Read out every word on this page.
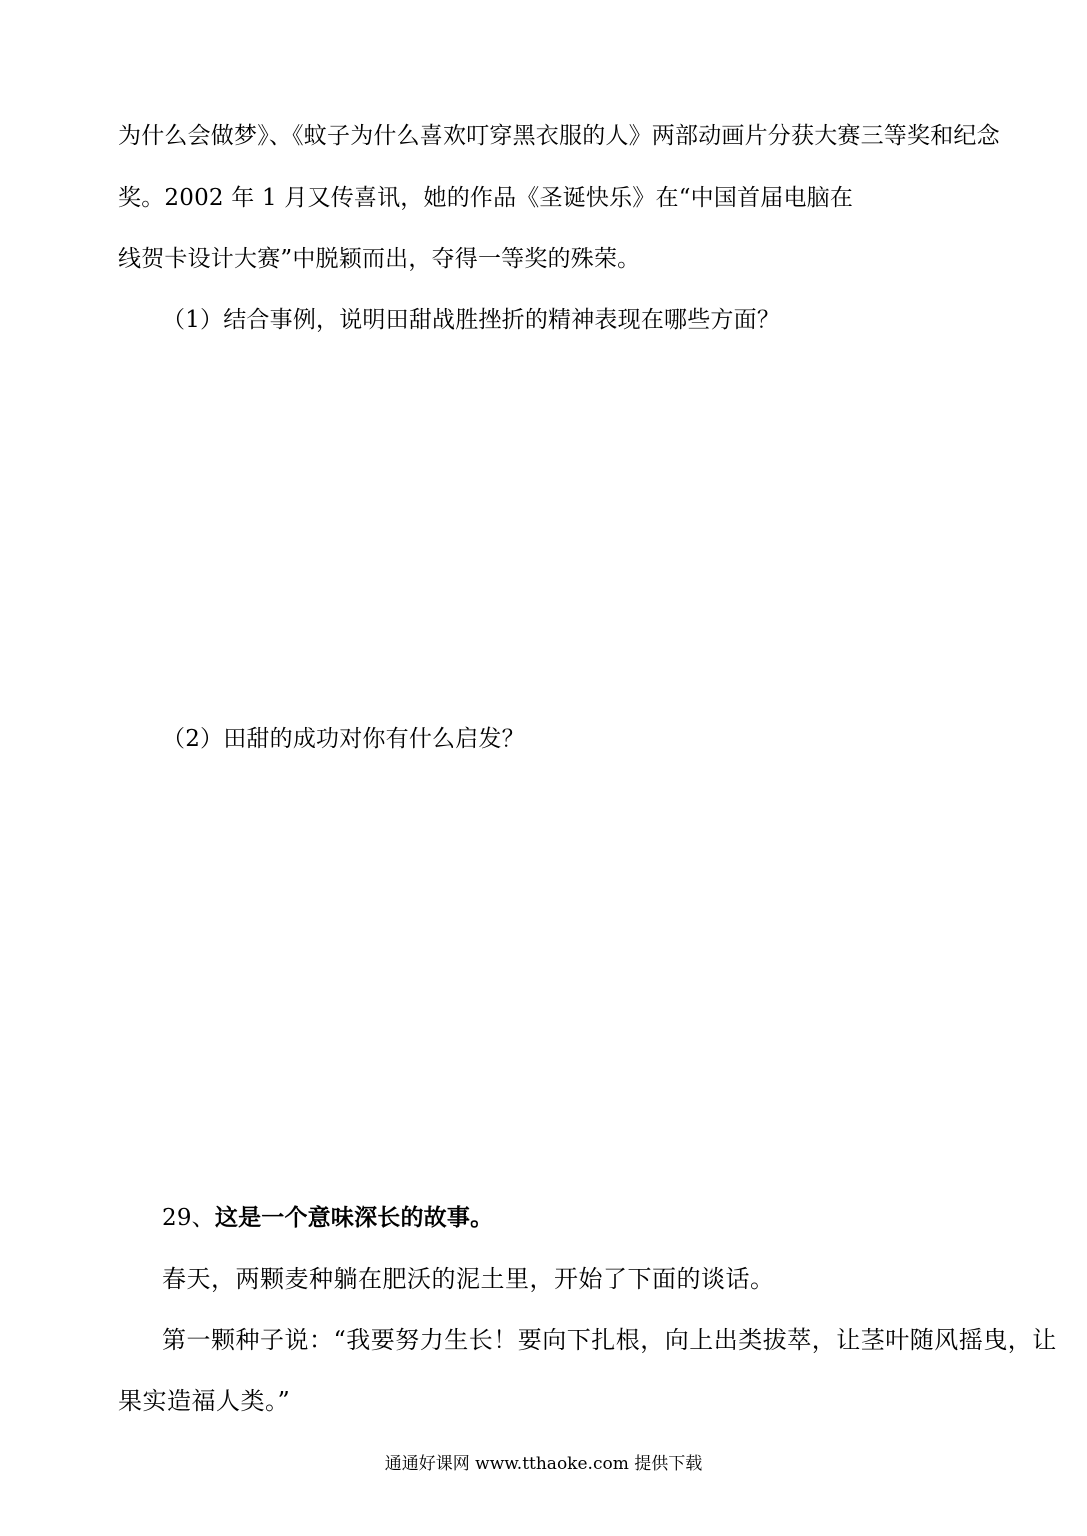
为什么会做梦》、《蚊子为什么喜欢叮穿黑衣服的人》两部动画片分获大赛三等奖和纪念
奖。2002 年 1 月又传喜讯，她的作品《圣诞快乐》在“中国首届电脑在
线贺卡设计大赛”中脱颖而出，夺得一等奖的殊荣。
（1）结合事例，说明田甜战胜挫折的精神表现在哪些方面？
（2）田甜的成功对你有什么启发？
29、这是一个意味深长的故事。
春天，两颗麦种躺在肥沃的泥土里，开始了下面的谈话。
第一颗种子说：“我要努力生长！要向下扎根，向上出类拔萃，让茎叶随风摇曳，让
果实造福人类。”
通通好课网 www.tthaoke.com 提供下载
